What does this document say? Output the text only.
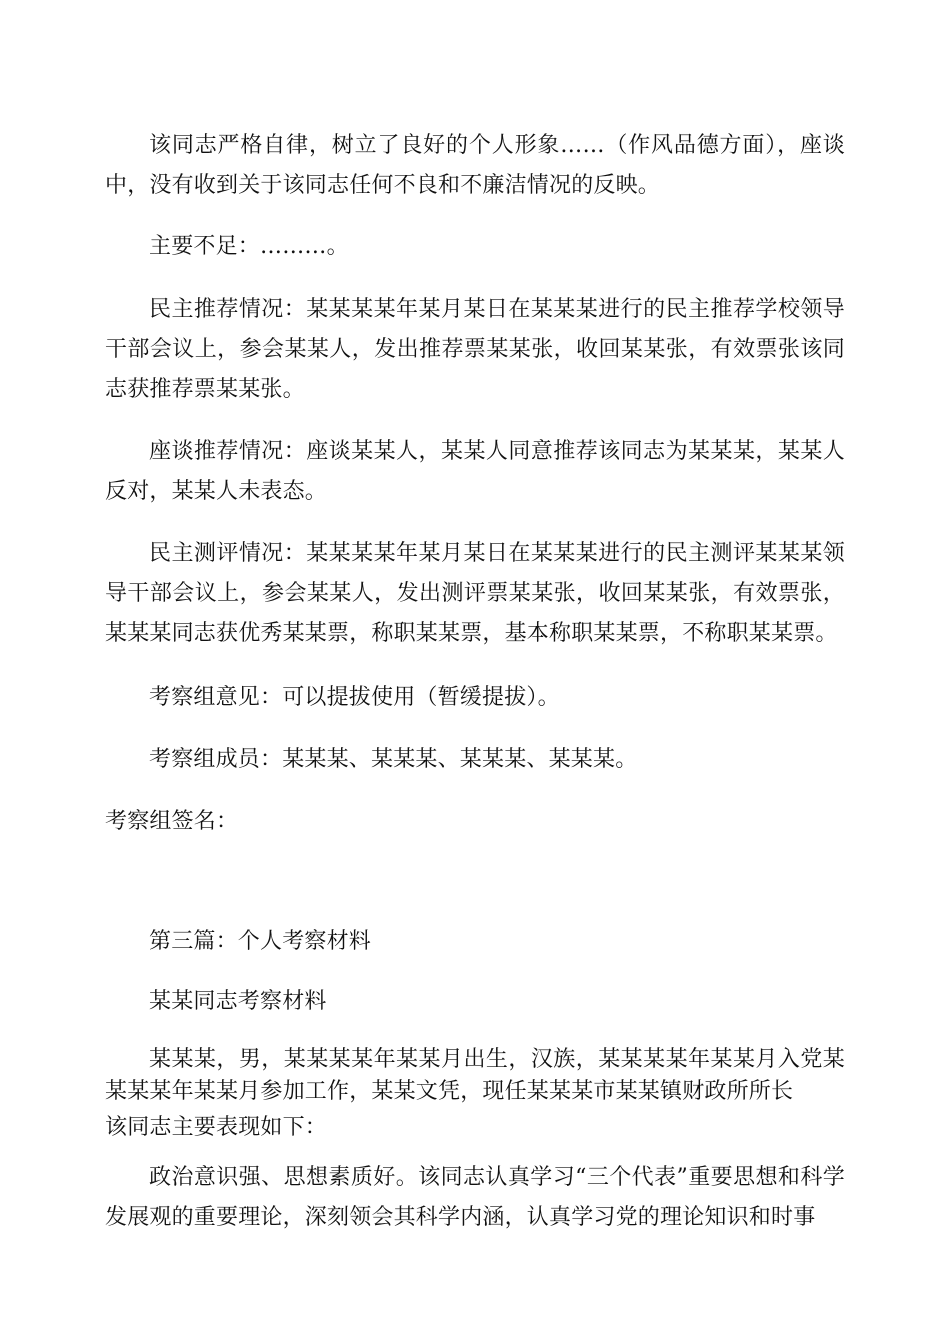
该同志严格自律，树立了良好的个人形象……（作风品德方面），座谈中，没有收到关于该同志任何不良和不廉洁情况的反映。

主要不足：………。

民主推荐情况：某某某某年某月某日在某某某进行的民主推荐学校领导干部会议上，参会某某人，发出推荐票某某张，收回某某张，有效票张该同志获推荐票某某张。

座谈推荐情况：座谈某某人，某某人同意推荐该同志为某某某，某某人反对，某某人未表态。

民主测评情况：某某某某年某月某日在某某某进行的民主测评某某某领导干部会议上，参会某某人，发出测评票某某张，收回某某张，有效票张，某某某同志获优秀某某票，称职某某票，基本称职某某票，不称职某某票。

考察组意见：可以提拔使用（暂缓提拔）。

考察组成员：某某某、某某某、某某某、某某某。

考察组签名：

第三篇：个人考察材料

某某同志考察材料

某某某，男，某某某某年某某月出生，汉族，某某某某年某某月入党某某某某年某某月参加工作，某某文凭，现任某某某市某某镇财政所所长

该同志主要表现如下：

政治意识强、思想素质好。该同志认真学习“三个代表”重要思想和科学发展观的重要理论，深刻领会其科学内涵，认真学习党的理论知识和时事
